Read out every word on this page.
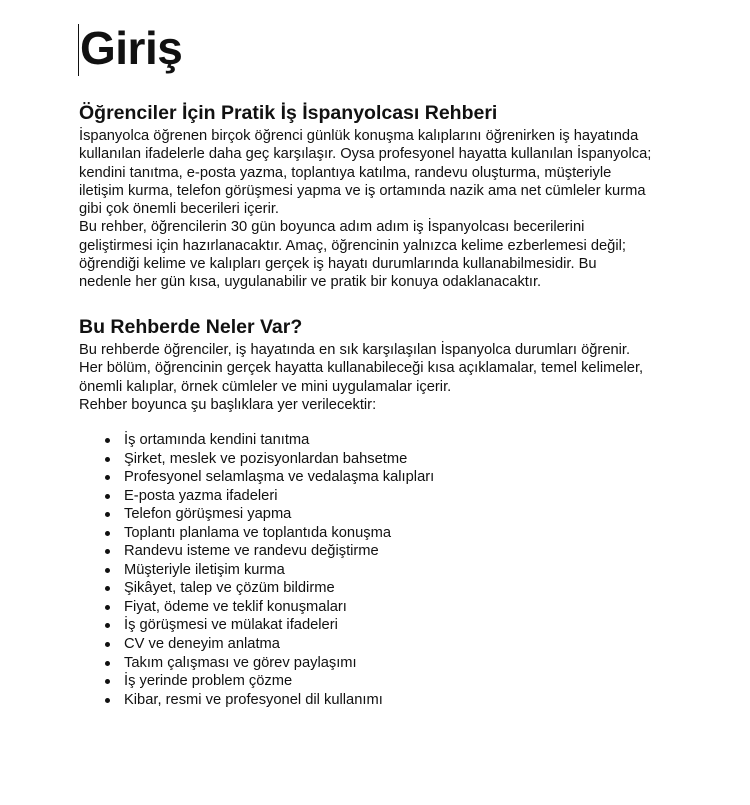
Giriş
Öğrenciler İçin Pratik İş İspanyolcası Rehberi

İspanyolca öğrenen birçok öğrenci günlük konuşma kalıplarını öğrenirken iş hayatında
kullanılan ifadelerle daha geç karşılaşır. Oysa profesyonel hayatta kullanılan İspanyolca;
kendini tanıtma, e-posta yazma, toplantıya katılma, randevu oluşturma, müşteriyle
iletişim kurma, telefon görüşmesi yapma ve iş ortamında nazik ama net cümleler kurma
gibi çok önemli becerileri içerir.
Bu rehber, öğrencilerin 30 gün boyunca adım adım iş İspanyolcası becerilerini
geliştirmesi için hazırlanacaktır. Amaç, öğrencinin yalnızca kelime ezberlemesi değil;
öğrendiği kelime ve kalıpları gerçek iş hayatı durumlarında kullanabilmesidir. Bu
nedenle her gün kısa, uygulanabilir ve pratik bir konuya odaklanacaktır.

Bu Rehberde Neler Var?

Bu rehberde öğrenciler, iş hayatında en sık karşılaşılan İspanyolca durumları öğrenir.
Her bölüm, öğrencinin gerçek hayatta kullanabileceği kısa açıklamalar, temel kelimeler,
önemli kalıplar, örnek cümleler ve mini uygulamalar içerir.
Rehber boyunca şu başlıklara yer verilecektir:

İş ortamında kendini tanıtma
Şirket, meslek ve pozisyonlardan bahsetme
Profesyonel selamlaşma ve vedalaşma kalıpları
E-posta yazma ifadeleri
Telefon görüşmesi yapma
Toplantı planlama ve toplantıda konuşma
Randevu isteme ve randevu değiştirme
Müşteriyle iletişim kurma
Şikâyet, talep ve çözüm bildirme
Fiyat, ödeme ve teklif konuşmaları
İş görüşmesi ve mülakat ifadeleri
CV ve deneyim anlatma
Takım çalışması ve görev paylaşımı
İş yerinde problem çözme
Kibar, resmi ve profesyonel dil kullanımı
